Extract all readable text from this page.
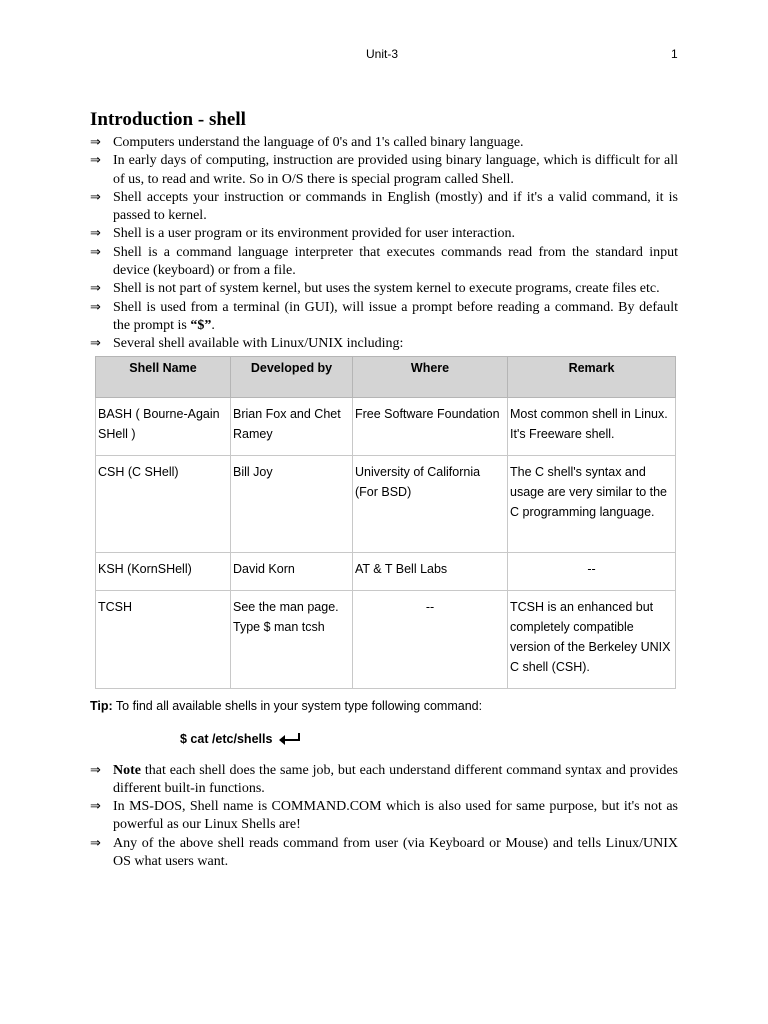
Unit-3	1
Introduction - shell
⇒ Computers understand the language of 0's and 1's called binary language.
⇒ In early days of computing, instruction are provided using binary language, which is difficult for all of us, to read and write. So in O/S there is special program called Shell.
⇒ Shell accepts your instruction or commands in English (mostly) and if it's a valid command, it is passed to kernel.
⇒ Shell is a user program or its environment provided for user interaction.
⇒ Shell is a command language interpreter that executes commands read from the standard input device (keyboard) or from a file.
⇒ Shell is not part of system kernel, but uses the system kernel to execute programs, create files etc.
⇒ Shell is used from a terminal (in GUI), will issue a prompt before reading a command. By default the prompt is “$”.
⇒ Several shell available with Linux/UNIX including:
Shell Name	Developed by	Where	Remark
BASH ( Bourne-Again SHell )	Brian Fox and Chet Ramey	Free Software Foundation	Most common shell in Linux. It's Freeware shell.
CSH (C SHell)	Bill Joy	University of California (For BSD)	The C shell's syntax and usage are very similar to the C programming language.
KSH (KornSHell)	David Korn	AT & T Bell Labs	--
TCSH	See the man page. Type $ man tcsh	--	TCSH is an enhanced but completely compatible version of the Berkeley UNIX C shell (CSH).
Tip: To find all available shells in your system type following command:
$ cat /etc/shells
⇒ Note that each shell does the same job, but each understand different command syntax and provides different built-in functions.
⇒ In MS-DOS, Shell name is COMMAND.COM which is also used for same purpose, but it's not as powerful as our Linux Shells are!
⇒ Any of the above shell reads command from user (via Keyboard or Mouse) and tells Linux/UNIX OS what users want.
